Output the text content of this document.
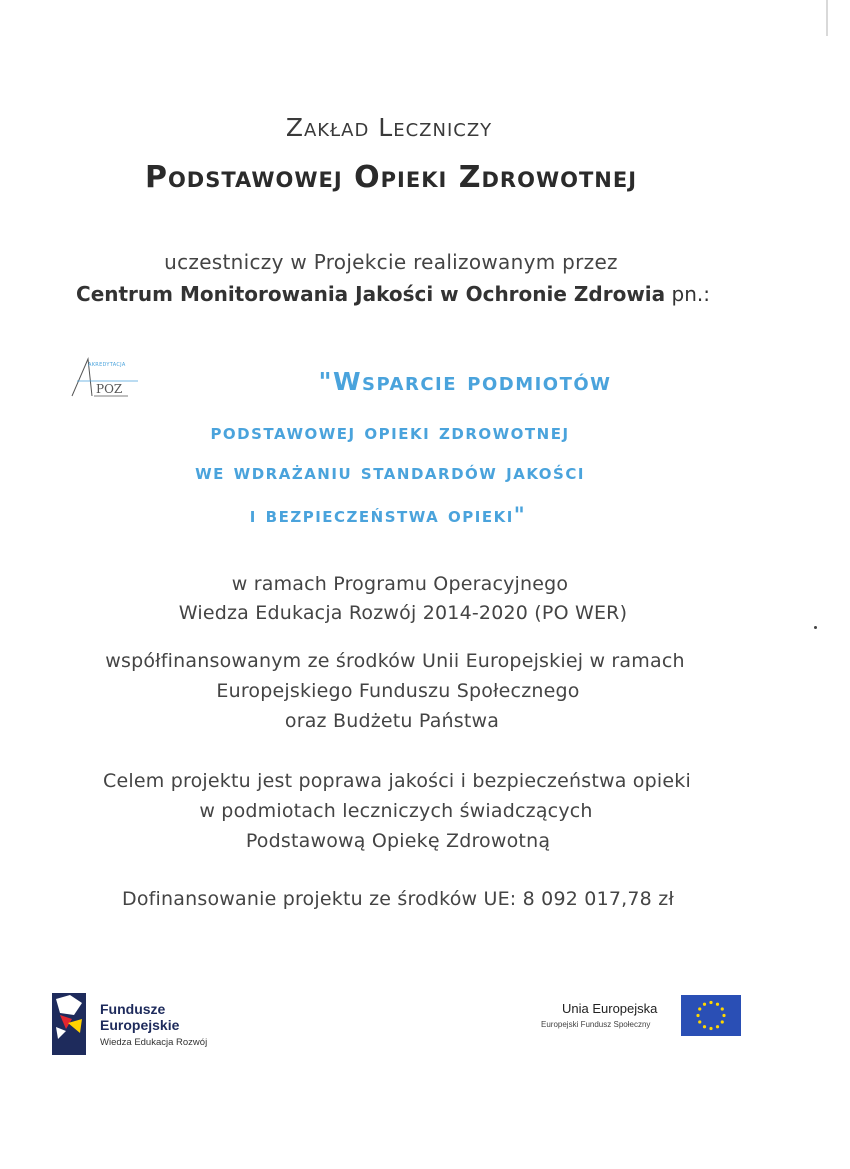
Zakład Leczniczy
Podstawowej Opieki Zdrowotnej
uczestniczy w Projekcie realizowanym przez
Centrum Monitorowania Jakości w Ochronie Zdrowia pn.:
AKREDYTACJA
POZ	"Wsparcie podmiotów
podstawowej opieki zdrowotnej
we wdrażaniu standardów jakości
i bezpieczeństwa opieki"
w ramach Programu Operacyjnego
Wiedza Edukacja Rozwój 2014-2020 (PO WER)
współfinansowanym ze środków Unii Europejskiej w ramach
Europejskiego Funduszu Społecznego
oraz Budżetu Państwa
Celem projektu jest poprawa jakości i bezpieczeństwa opieki
w podmiotach leczniczych świadczących
Podstawową Opiekę Zdrowotną
Dofinansowanie projektu ze środków UE: 8 092 017,78 zł
Fundusze
Europejskie
Wiedza Edukacja Rozwój
Unia Europejska
Europejski Fundusz Społeczny
